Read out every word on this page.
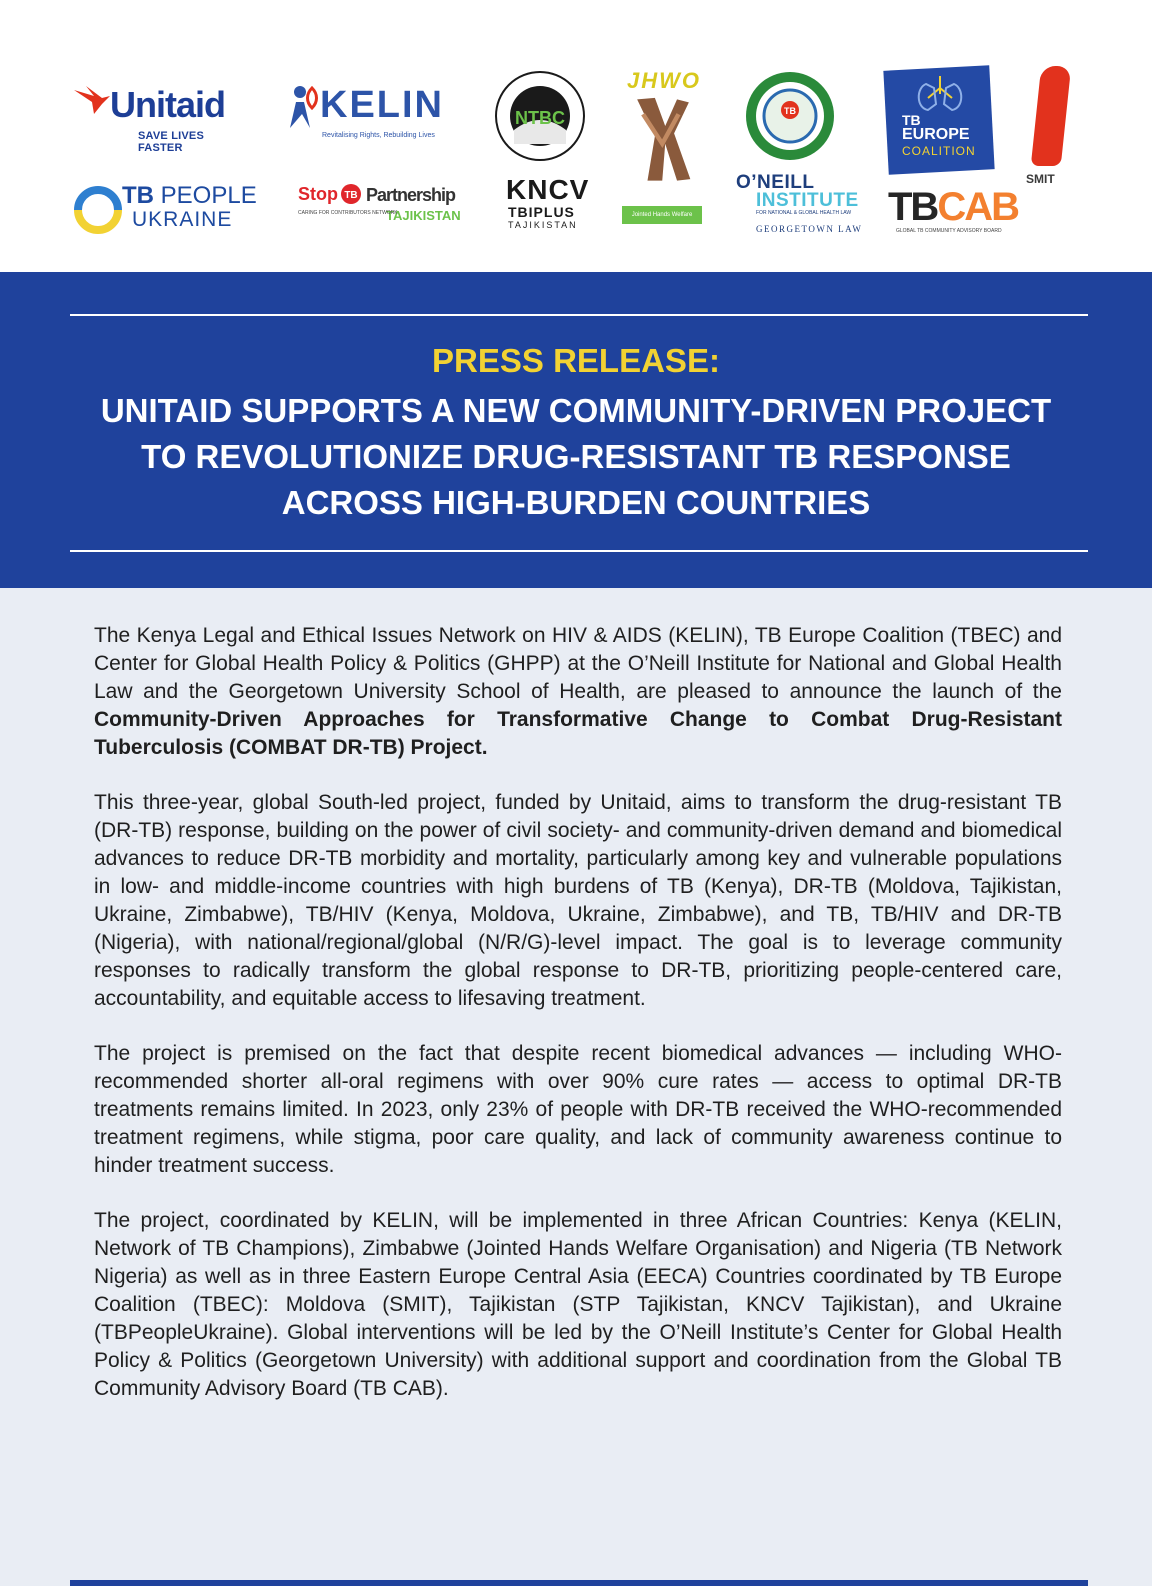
Unitaid
SAVE LIVES FASTER
KELIN
Revitalising Rights, Rebuilding Lives
NTBC
JHWO
Jointed Hands Welfare Organisation
TB
TB
EUROPE
COALITION
SMIT
TB PEOPLE
UKRAINE
Stop TB Partnership
TAJIKISTAN
CARING FOR CONTRIBUTORS NETWORK
KNCV
TBIPLUS
TAJIKISTAN
O’NEILL
INSTITUTE
FOR NATIONAL & GLOBAL HEALTH LAW
GEORGETOWN LAW TBCAB
GLOBAL TB COMMUNITY ADVISORY BOARD
PRESS RELEASE:
UNITAID SUPPORTS A NEW COMMUNITY-DRIVEN PROJECT TO REVOLUTIONIZE DRUG-RESISTANT TB RESPONSE ACROSS HIGH-BURDEN COUNTRIES

The Kenya Legal and Ethical Issues Network on HIV & AIDS (KELIN), TB Europe Coalition (TBEC) and Center for Global Health Policy & Politics (GHPP) at the O’Neill Institute for National and Global Health Law and the Georgetown University School of Health, are pleased to announce the launch of the Community-Driven Approaches for Transformative Change to Combat Drug-Resistant Tuberculosis (COMBAT DR-TB) Project.

This three-year, global South-led project, funded by Unitaid, aims to transform the drug-resistant TB (DR-TB) response, building on the power of civil society- and community-driven demand and biomedical advances to reduce DR-TB morbidity and mortality, particularly among key and vulnerable populations in low- and middle-income countries with high burdens of TB (Kenya), DR-TB (Moldova, Tajikistan, Ukraine, Zimbabwe), TB/HIV (Kenya, Moldova, Ukraine, Zimbabwe), and TB, TB/HIV and DR-TB (Nigeria), with national/regional/global (N/R/G)-level impact. The goal is to leverage community responses to radically transform the global response to DR-TB, prioritizing people-centered care, accountability, and equitable access to lifesaving treatment.

The project is premised on the fact that despite recent biomedical advances — including WHO-recommended shorter all-oral regimens with over 90% cure rates — access to optimal DR-TB treatments remains limited. In 2023, only 23% of people with DR-TB received the WHO-recommended treatment regimens, while stigma, poor care quality, and lack of community awareness continue to hinder treatment success.

The project, coordinated by KELIN, will be implemented in three African Countries: Kenya (KELIN, Network of TB Champions), Zimbabwe (Jointed Hands Welfare Organisation) and Nigeria (TB Network Nigeria) as well as in three Eastern Europe Central Asia (EECA) Countries coordinated by TB Europe Coalition (TBEC): Moldova (SMIT), Tajikistan (STP Tajikistan, KNCV Tajikistan), and Ukraine (TBPeopleUkraine). Global interventions will be led by the O’Neill Institute’s Center for Global Health Policy & Politics (Georgetown University) with additional support and coordination from the Global TB Community Advisory Board (TB CAB).
